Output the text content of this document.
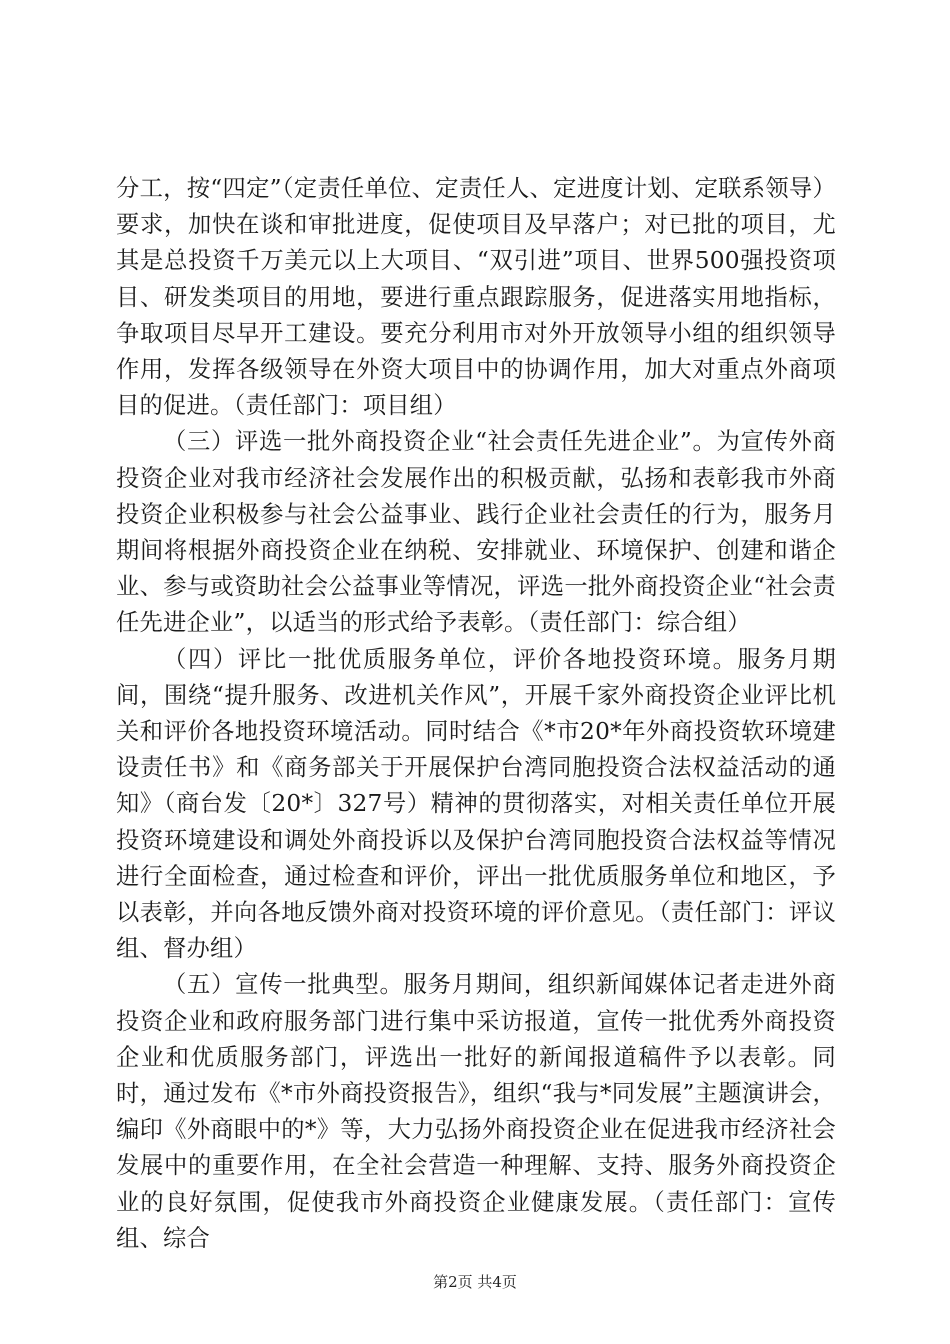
分工，按“四定”（定责任单位、定责任人、定进度计划、定联系领导）要求，加快在谈和审批进度，促使项目及早落户；对已批的项目，尤其是总投资千万美元以上大项目、“双引进”项目、世界500强投资项目、研发类项目的用地，要进行重点跟踪服务，促进落实用地指标，争取项目尽早开工建设。要充分利用市对外开放领导小组的组织领导作用，发挥各级领导在外资大项目中的协调作用，加大对重点外商项目的促进。（责任部门：项目组）

（三）评选一批外商投资企业“社会责任先进企业”。为宣传外商投资企业对我市经济社会发展作出的积极贡献，弘扬和表彰我市外商投资企业积极参与社会公益事业、践行企业社会责任的行为，服务月期间将根据外商投资企业在纳税、安排就业、环境保护、创建和谐企业、参与或资助社会公益事业等情况，评选一批外商投资企业“社会责任先进企业”，以适当的形式给予表彰。（责任部门：综合组）

（四）评比一批优质服务单位，评价各地投资环境。服务月期间，围绕“提升服务、改进机关作风”，开展千家外商投资企业评比机关和评价各地投资环境活动。同时结合《*市20*年外商投资软环境建设责任书》和《商务部关于开展保护台湾同胞投资合法权益活动的通知》（商台发〔20*〕327号）精神的贯彻落实，对相关责任单位开展投资环境建设和调处外商投诉以及保护台湾同胞投资合法权益等情况进行全面检查，通过检查和评价，评出一批优质服务单位和地区，予以表彰，并向各地反馈外商对投资环境的评价意见。（责任部门：评议组、督办组）

（五）宣传一批典型。服务月期间，组织新闻媒体记者走进外商投资企业和政府服务部门进行集中采访报道，宣传一批优秀外商投资企业和优质服务部门，评选出一批好的新闻报道稿件予以表彰。同时，通过发布《*市外商投资报告》，组织“我与*同发展”主题演讲会，编印《外商眼中的*》等，大力弘扬外商投资企业在促进我市经济社会发展中的重要作用，在全社会营造一种理解、支持、服务外商投资企业的良好氛围，促使我市外商投资企业健康发展。（责任部门：宣传组、综合

第2页 共4页
